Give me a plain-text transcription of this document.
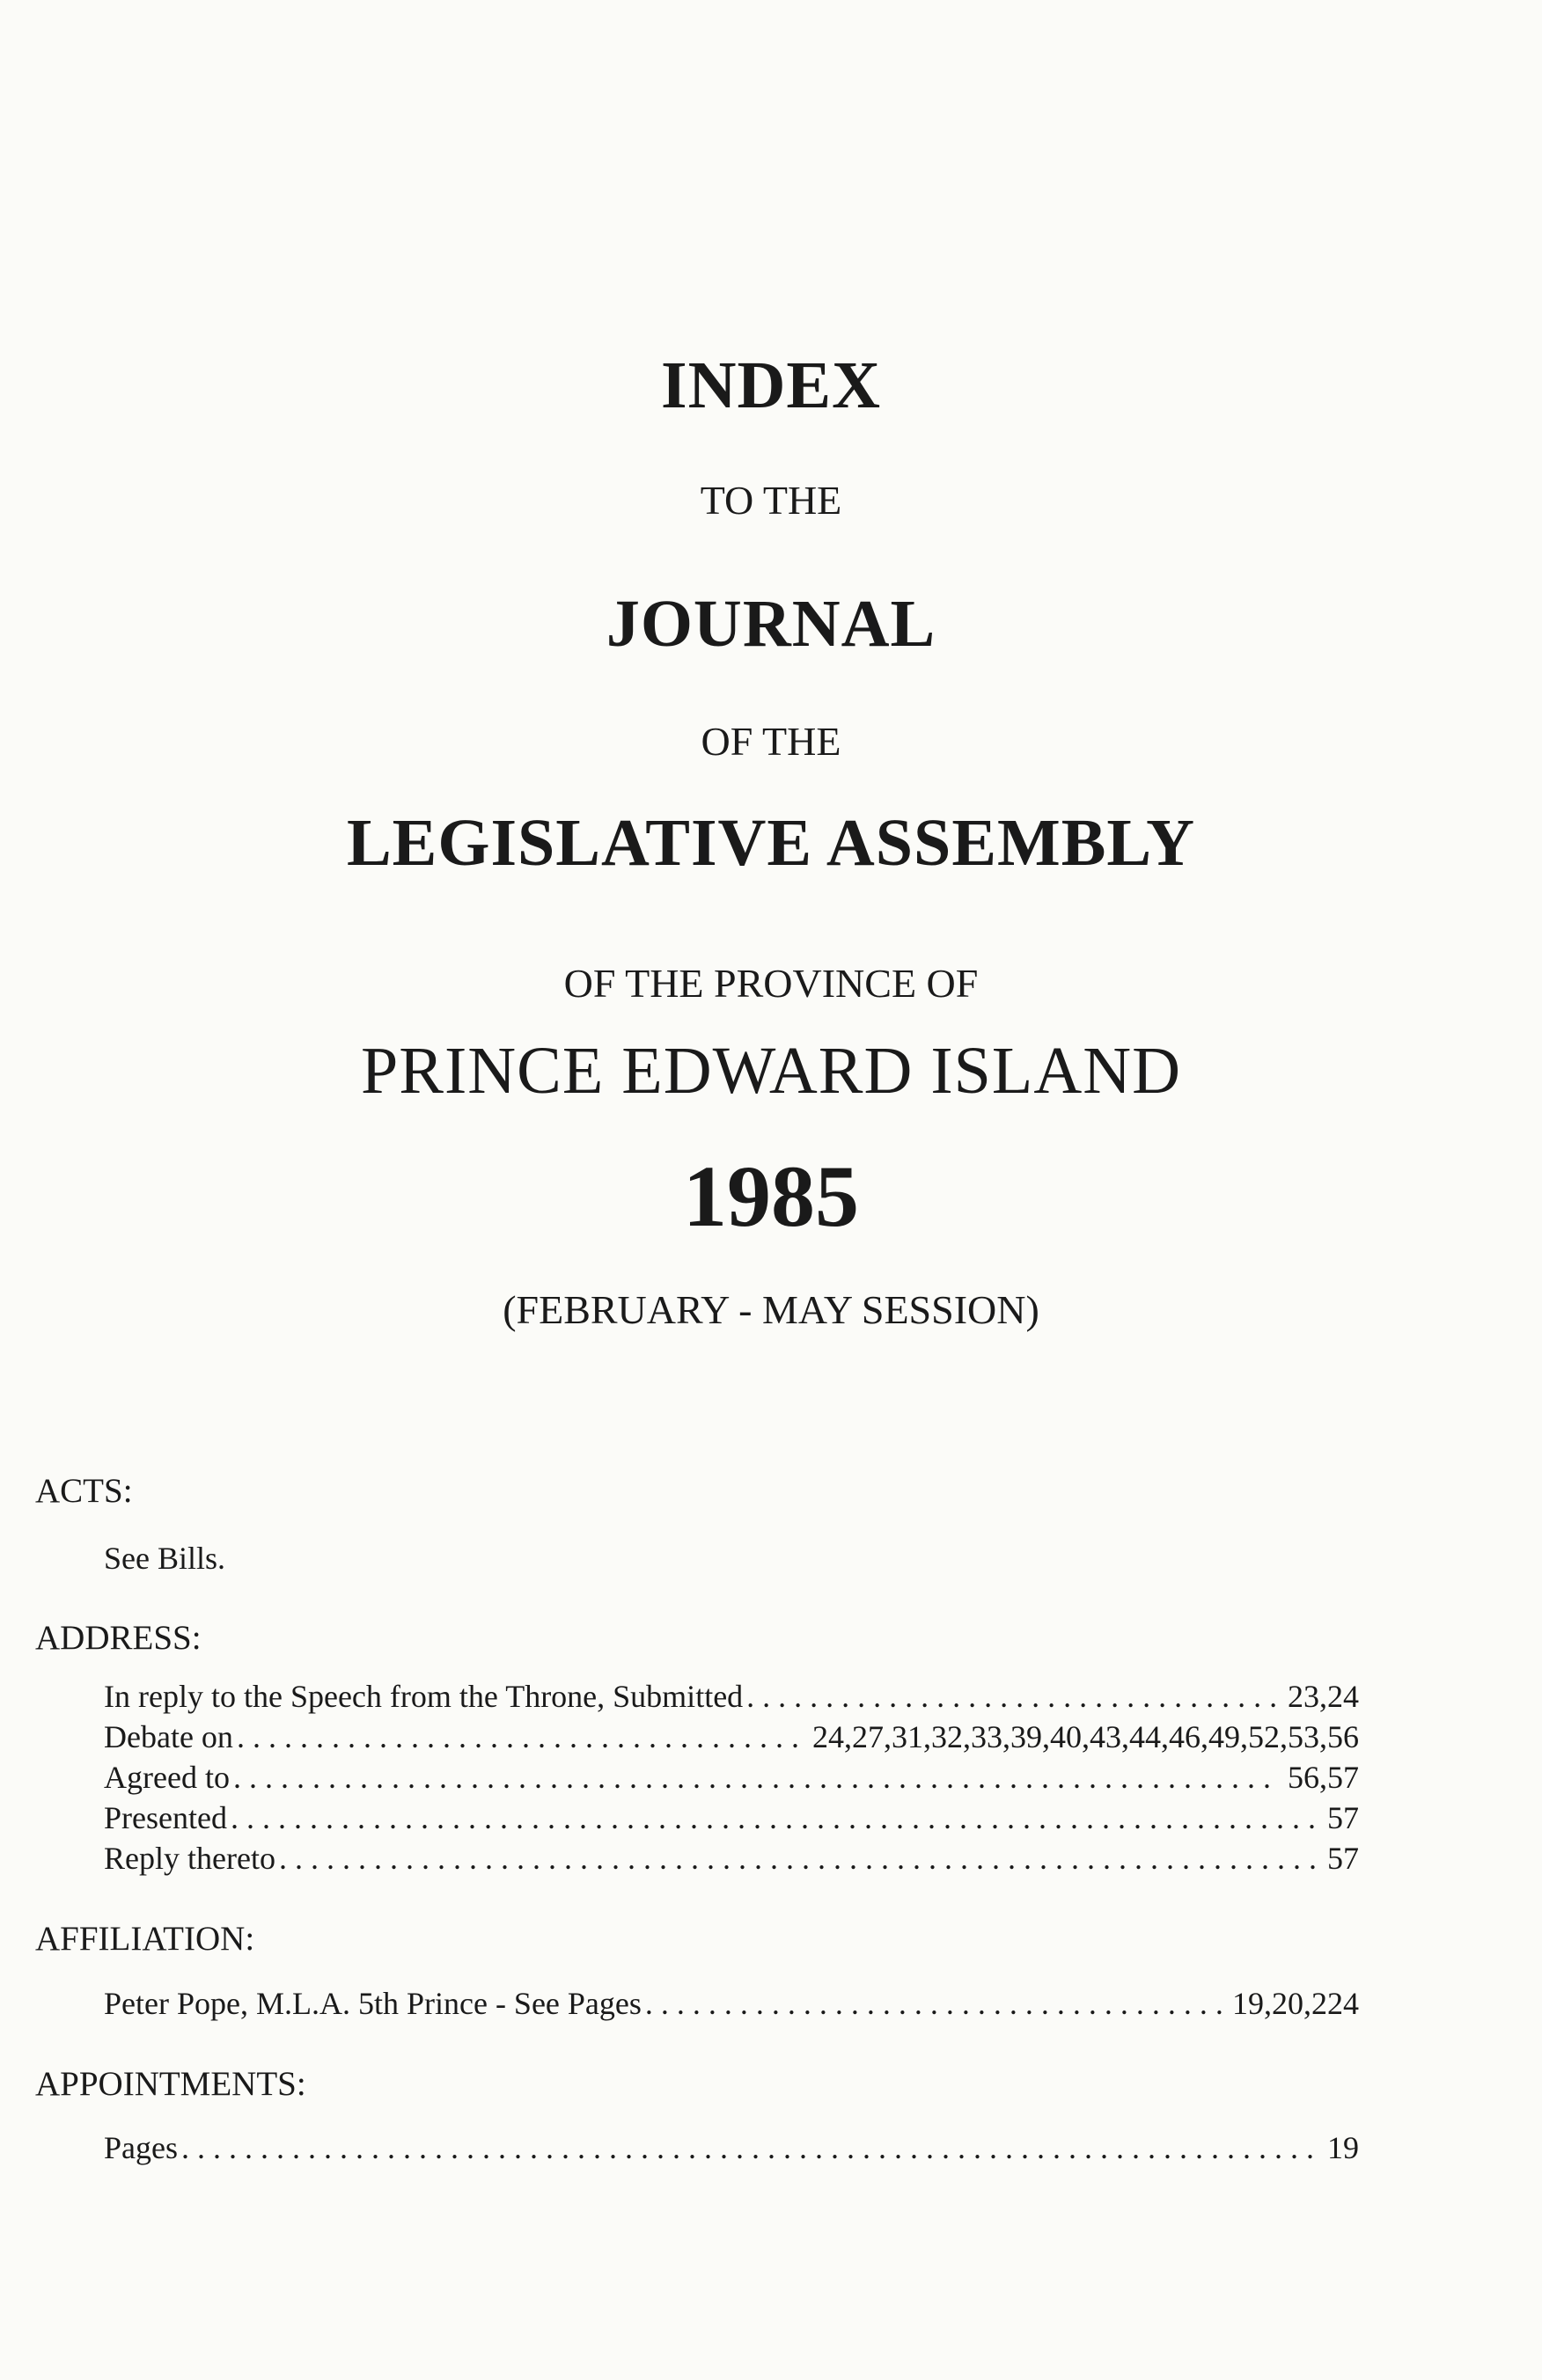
INDEX
TO THE
JOURNAL
OF THE
LEGISLATIVE ASSEMBLY
OF THE PROVINCE OF
PRINCE EDWARD ISLAND
1985
(FEBRUARY - MAY SESSION)
ACTS:
See Bills.
ADDRESS:
In reply to the Speech from the Throne, Submitted .....	23,24
Debate on .....	24,27,31,32,33,39,40,43,44,46,49,52,53,56
Agreed to .....	56,57
Presented .....	57
Reply thereto .....	57
AFFILIATION:
Peter Pope, M.L.A. 5th Prince - See Pages .....	19,20,224
APPOINTMENTS:
Pages .....	19
